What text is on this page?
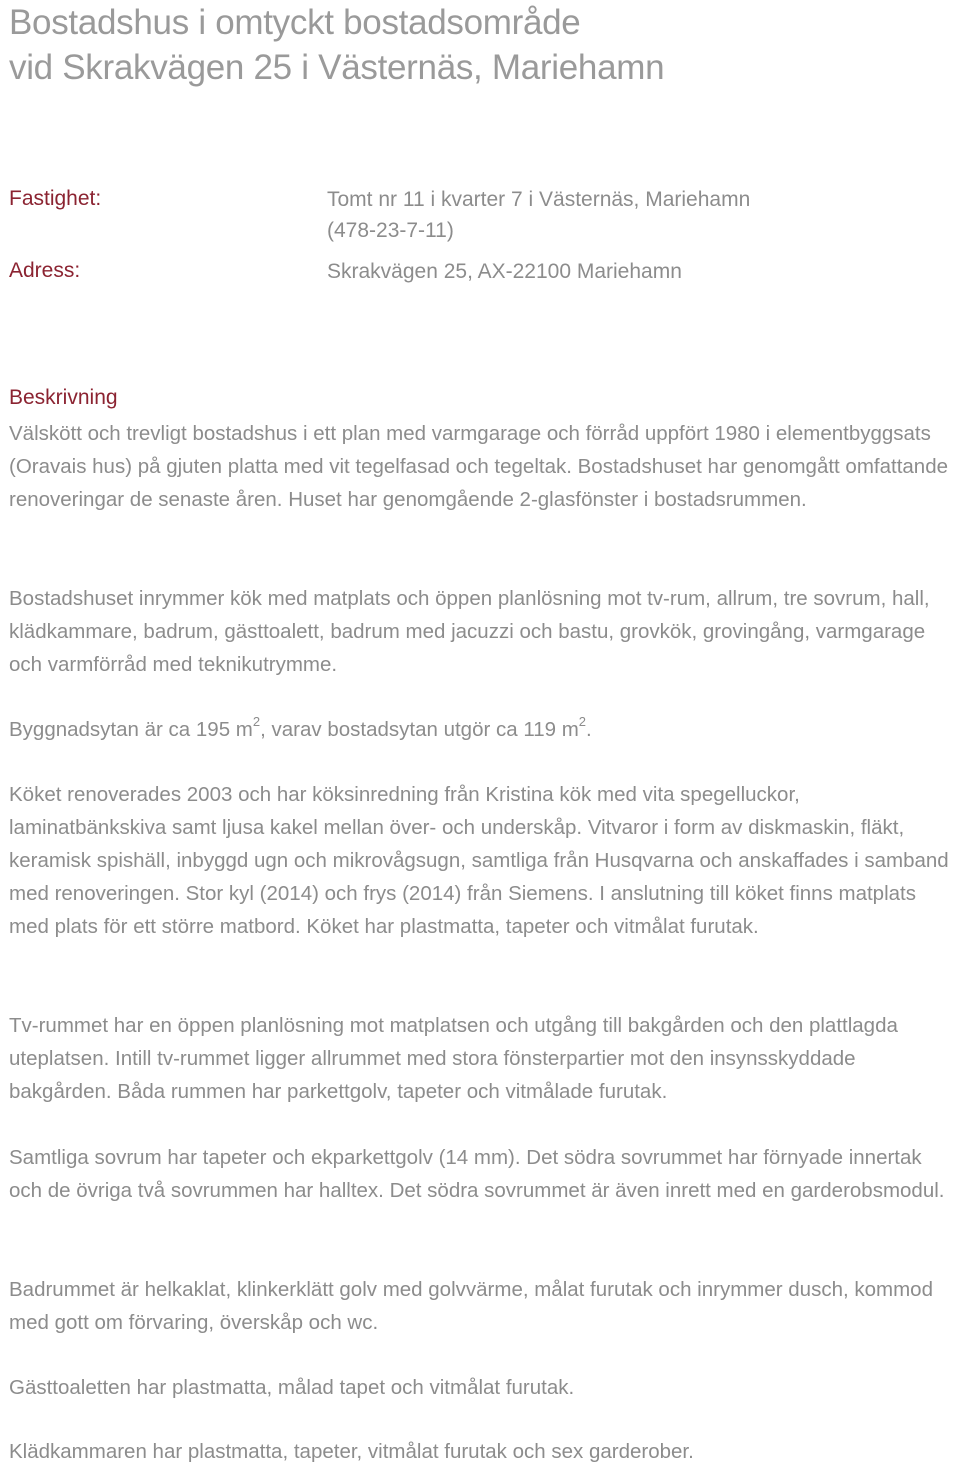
Bostadshus i omtyckt bostadsområde
vid Skrakvägen 25 i Västernäs, Mariehamn
Fastighet:	Tomt nr 11 i kvarter 7 i Västernäs, Mariehamn
(478-23-7-11)
Adress:	Skrakvägen 25, AX-22100 Mariehamn
Beskrivning

Välskött och trevligt bostadshus i ett plan med varmgarage och förråd uppfört 1980 i elementbyggsats (Oravais hus) på gjuten platta med vit tegelfasad och tegeltak. Bostadshuset har genomgått omfattande renoveringar de senaste åren. Huset har genomgående 2-glasfönster i bostadsrummen.

Bostadshuset inrymmer kök med matplats och öppen planlösning mot tv-rum, allrum, tre sovrum, hall, klädkammare, badrum, gästtoalett, badrum med jacuzzi och bastu, grovkök, grovingång, varmgarage och varmförråd med teknikutrymme.

Byggnadsytan är ca 195 $m^2$, varav bostadsytan utgör ca 119 $m^2$.

Köket renoverades 2003 och har köksinredning från Kristina kök med vita spegelluckor, laminatbänkskiva samt ljusa kakel mellan över- och underskåp. Vitvaror i form av diskmaskin, fläkt, keramisk spishäll, inbyggd ugn och mikrovågsugn, samtliga från Husqvarna och anskaffades i samband med renoveringen. Stor kyl (2014) och frys (2014) från Siemens. I anslutning till köket finns matplats med plats för ett större matbord. Köket har plastmatta, tapeter och vitmålat furutak.

Tv-rummet har en öppen planlösning mot matplatsen och utgång till bakgården och den plattlagda uteplatsen. Intill tv-rummet ligger allrummet med stora fönsterpartier mot den insynsskyddade bakgården. Båda rummen har parkettgolv, tapeter och vitmålade furutak.

Samtliga sovrum har tapeter och ekparkettgolv (14 mm). Det södra sovrummet har förnyade innertak och de övriga två sovrummen har halltex. Det södra sovrummet är även inrett med en garderobsmodul.

Badrummet är helkaklat, klinkerklätt golv med golvvärme, målat furutak och inrymmer dusch, kommod med gott om förvaring, överskåp och wc.

Gästtoaletten har plastmatta, målad tapet och vitmålat furutak.

Klädkammaren har plastmatta, tapeter, vitmålat furutak och sex garderober.
